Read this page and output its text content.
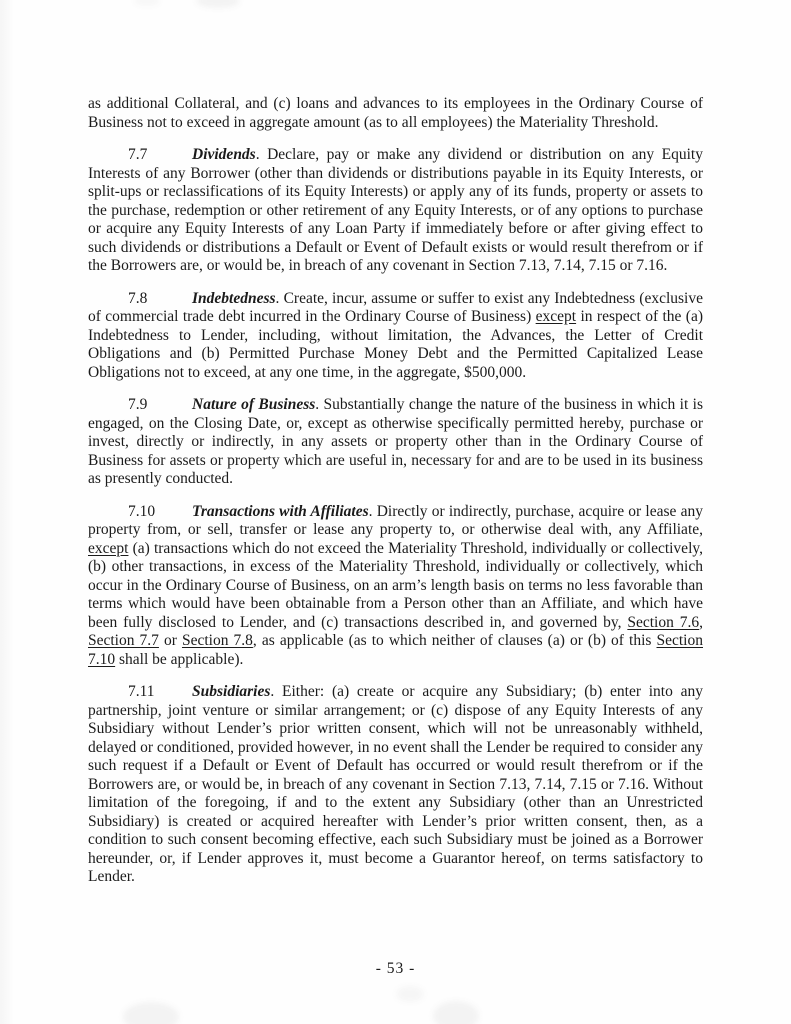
as additional Collateral, and (c) loans and advances to its employees in the Ordinary Course of Business not to exceed in aggregate amount (as to all employees) the Materiality Threshold.

7.7	Dividends. Declare, pay or make any dividend or distribution on any Equity Interests of any Borrower (other than dividends or distributions payable in its Equity Interests, or split-ups or reclassifications of its Equity Interests) or apply any of its funds, property or assets to the purchase, redemption or other retirement of any Equity Interests, or of any options to purchase or acquire any Equity Interests of any Loan Party if immediately before or after giving effect to such dividends or distributions a Default or Event of Default exists or would result therefrom or if the Borrowers are, or would be, in breach of any covenant in Section 7.13, 7.14, 7.15 or 7.16.

7.8	Indebtedness. Create, incur, assume or suffer to exist any Indebtedness (exclusive of commercial trade debt incurred in the Ordinary Course of Business) except in respect of the (a) Indebtedness to Lender, including, without limitation, the Advances, the Letter of Credit Obligations and (b) Permitted Purchase Money Debt and the Permitted Capitalized Lease Obligations not to exceed, at any one time, in the aggregate, $500,000.

7.9	Nature of Business. Substantially change the nature of the business in which it is engaged, on the Closing Date, or, except as otherwise specifically permitted hereby, purchase or invest, directly or indirectly, in any assets or property other than in the Ordinary Course of Business for assets or property which are useful in, necessary for and are to be used in its business as presently conducted.

7.10 Transactions with Affiliates. Directly or indirectly, purchase, acquire or lease any property from, or sell, transfer or lease any property to, or otherwise deal with, any Affiliate, except (a) transactions which do not exceed the Materiality Threshold, individually or collectively, (b) other transactions, in excess of the Materiality Threshold, individually or collectively, which occur in the Ordinary Course of Business, on an arm’s length basis on terms no less favorable than terms which would have been obtainable from a Person other than an Affiliate, and which have been fully disclosed to Lender, and (c) transactions described in, and governed by, Section 7.6, Section 7.7 or Section 7.8, as applicable (as to which neither of clauses (a) or (b) of this Section 7.10 shall be applicable).

7.11 Subsidiaries. Either: (a) create or acquire any Subsidiary; (b) enter into any partnership, joint venture or similar arrangement; or (c) dispose of any Equity Interests of any Subsidiary without Lender’s prior written consent, which will not be unreasonably withheld, delayed or conditioned, provided however, in no event shall the Lender be required to consider any such request if a Default or Event of Default has occurred or would result therefrom or if the Borrowers are, or would be, in breach of any covenant in Section 7.13, 7.14, 7.15 or 7.16. Without limitation of the foregoing, if and to the extent any Subsidiary (other than an Unrestricted Subsidiary) is created or acquired hereafter with Lender’s prior written consent, then, as a condition to such consent becoming effective, each such Subsidiary must be joined as a Borrower hereunder, or, if Lender approves it, must become a Guarantor hereof, on terms satisfactory to Lender.

- 53 -
